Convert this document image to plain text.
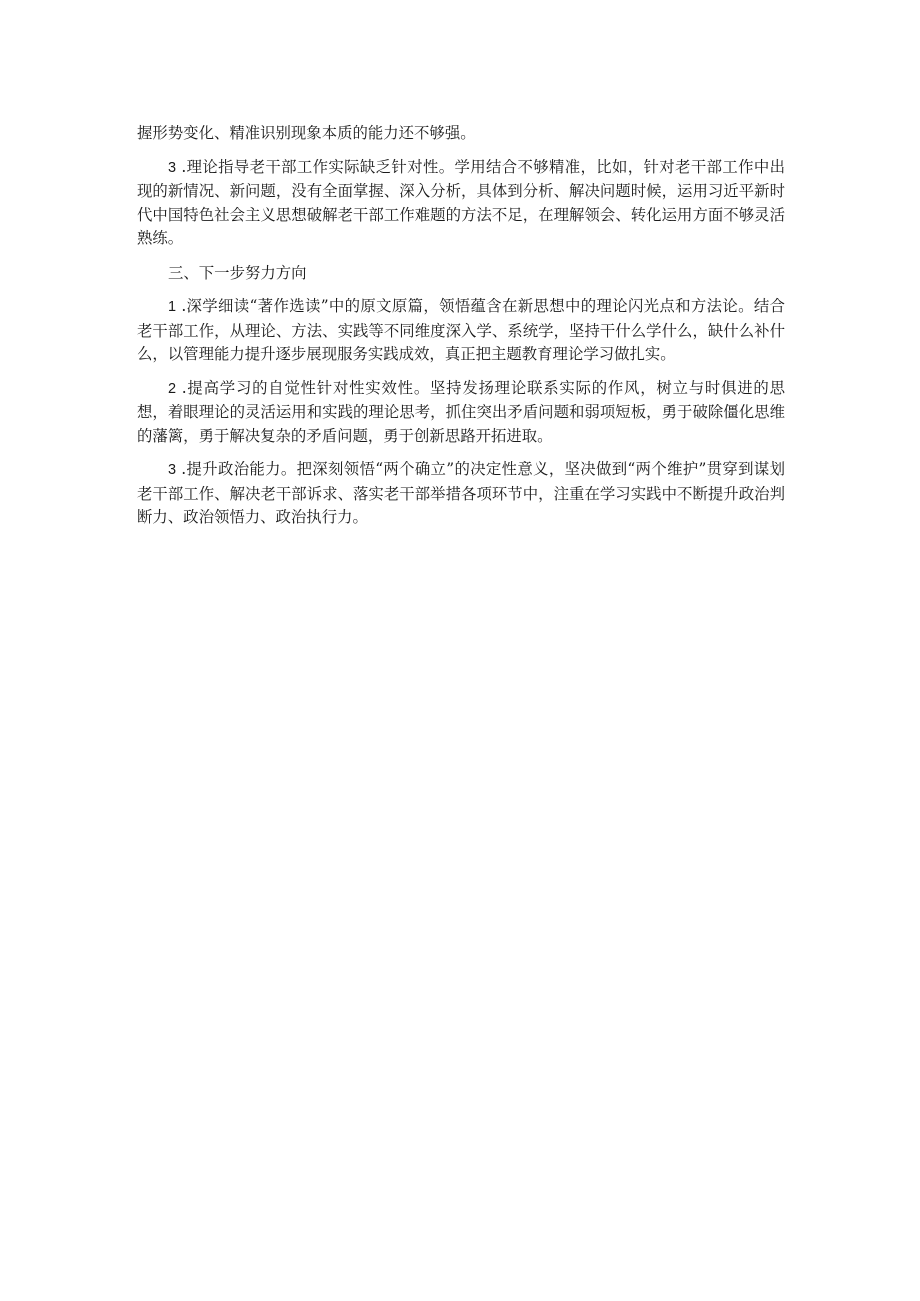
握形势变化、精准识别现象本质的能力还不够强。

3 .理论指导老干部工作实际缺乏针对性。学用结合不够精准，比如，针对老干部工作中出现的新情况、新问题，没有全面掌握、深入分析，具体到分析、解决问题时候，运用习近平新时代中国特色社会主义思想破解老干部工作难题的方法不足，在理解领会、转化运用方面不够灵活熟练。

三、下一步努力方向

1 .深学细读“著作选读”中的原文原篇，领悟蕴含在新思想中的理论闪光点和方法论。结合老干部工作，从理论、方法、实践等不同维度深入学、系统学，坚持干什么学什么，缺什么补什么，以管理能力提升逐步展现服务实践成效，真正把主题教育理论学习做扎实。

2 .提高学习的自觉性针对性实效性。坚持发扬理论联系实际的作风，树立与时俱进的思想，着眼理论的灵活运用和实践的理论思考，抓住突出矛盾问题和弱项短板，勇于破除僵化思维的藩篱，勇于解决复杂的矛盾问题，勇于创新思路开拓进取。

3 .提升政治能力。把深刻领悟“两个确立”的决定性意义，坚决做到“两个维护”贯穿到谋划老干部工作、解决老干部诉求、落实老干部举措各项环节中，注重在学习实践中不断提升政治判断力、政治领悟力、政治执行力。
